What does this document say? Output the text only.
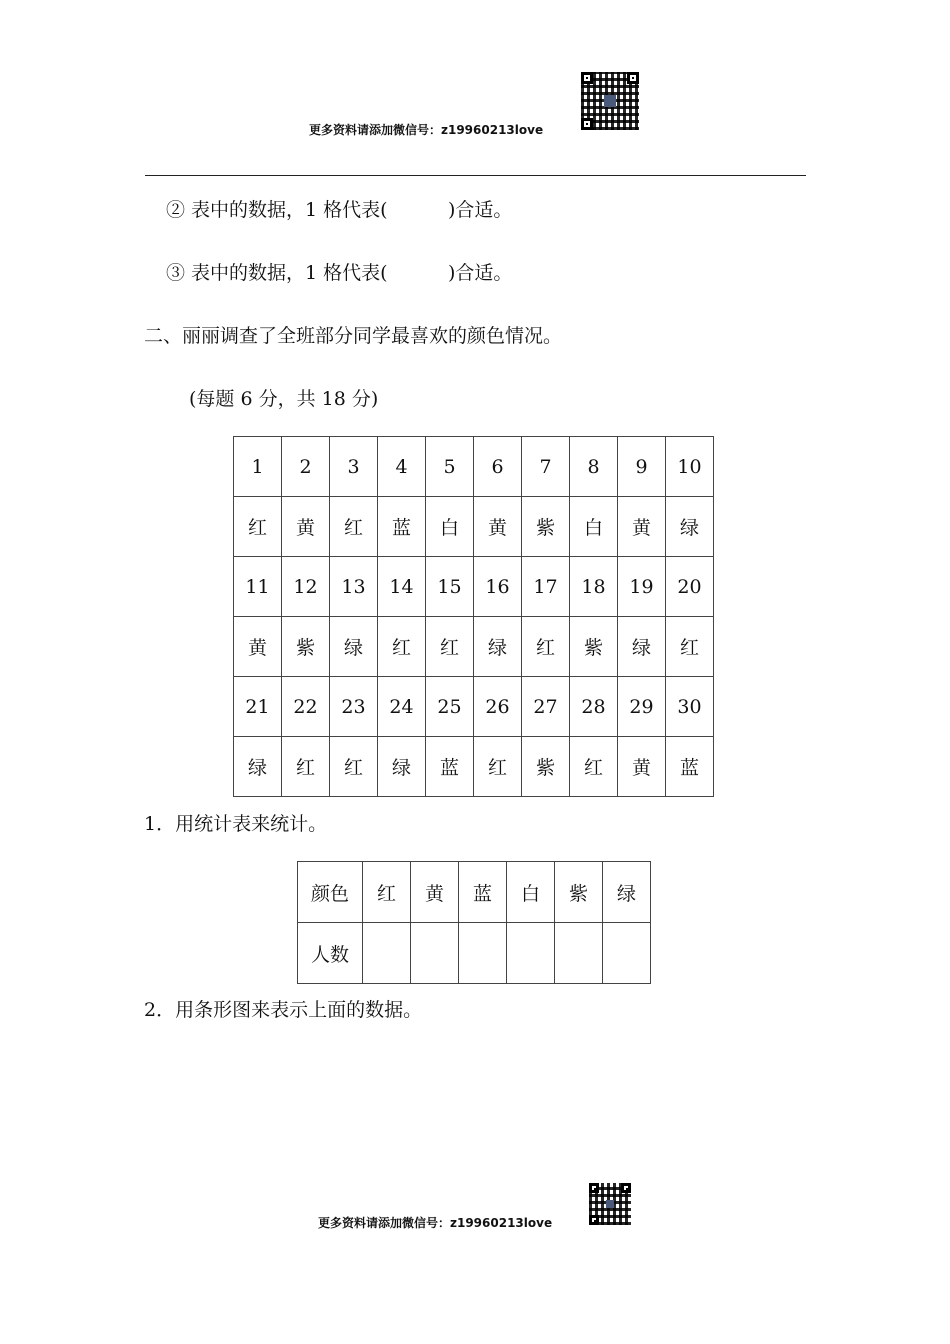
更多资料请添加微信号：z19960213love
② 表中的数据，1 格代表(          )合适。
③ 表中的数据，1 格代表(          )合适。
二、丽丽调查了全班部分同学最喜欢的颜色情况。
(每题 6 分，共 18 分)
1	2	3	4	5	6	7	8	9	10
红	黄	红	蓝	白	黄	紫	白	黄	绿
11	12	13	14	15	16	17	18	19	20
黄	紫	绿	红	红	绿	红	紫	绿	红
21	22	23	24	25	26	27	28	29	30
绿	红	红	绿	蓝	红	紫	红	黄	蓝
1．用统计表来统计。
颜色	红	黄	蓝	白	紫	绿
人数						
2．用条形图来表示上面的数据。
更多资料请添加微信号：z19960213love
